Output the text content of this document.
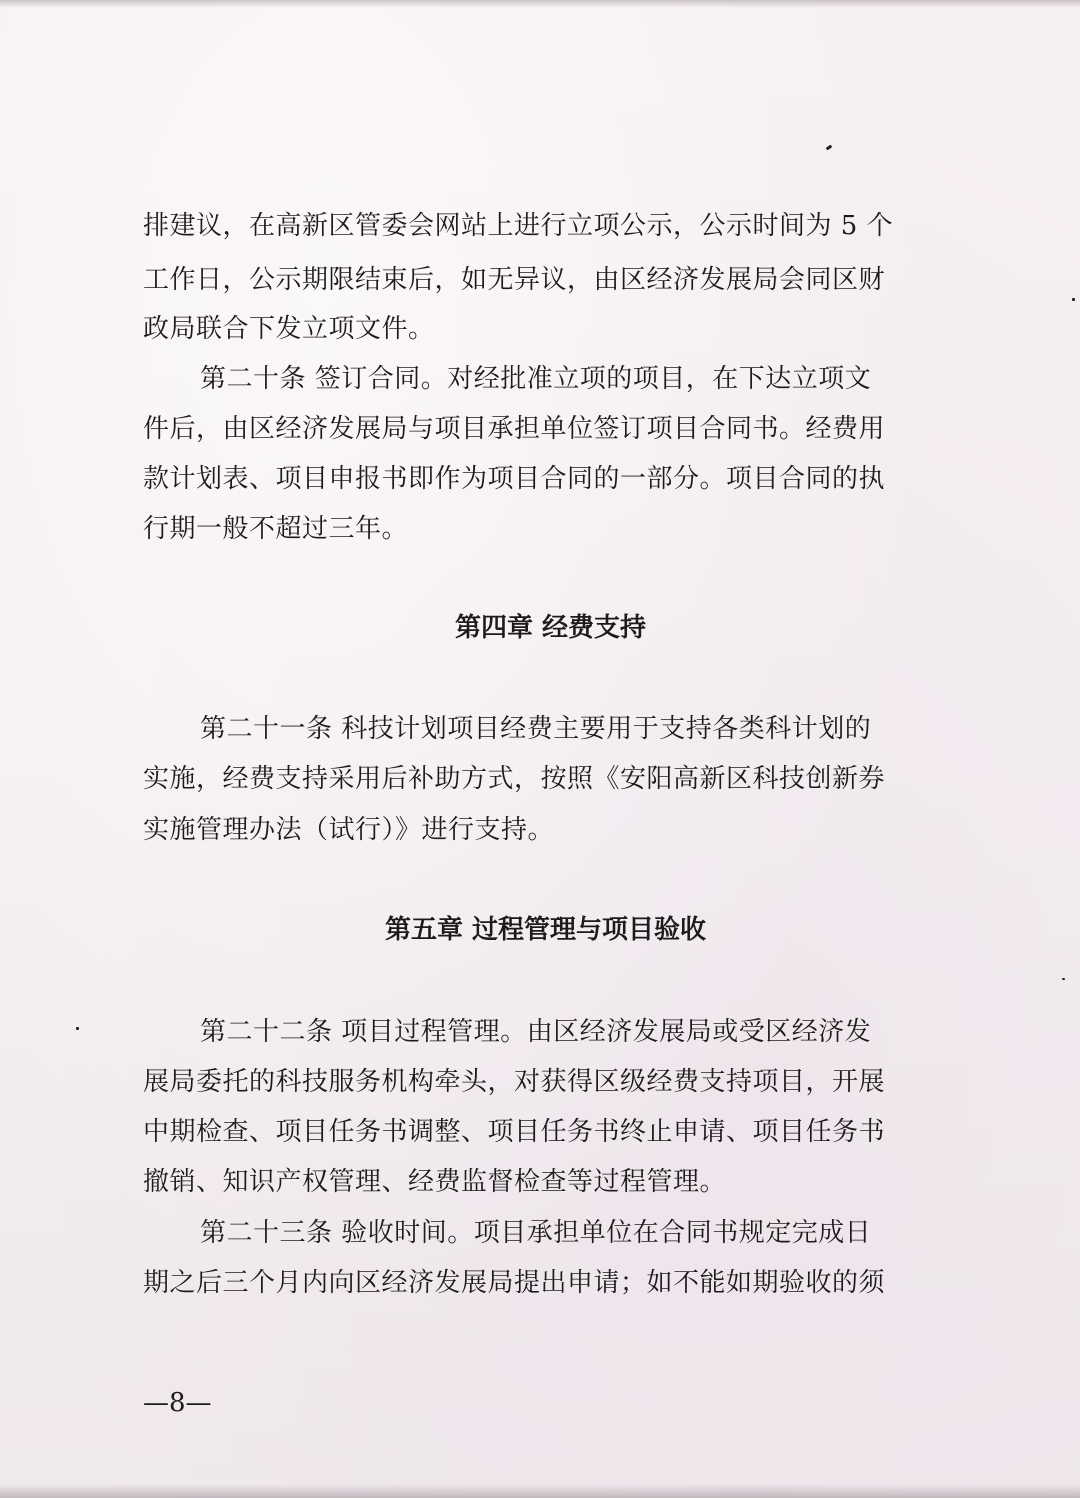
排建议，在高新区管委会网站上进行立项公示，公示时间为 5 个
工作日，公示期限结束后，如无异议，由区经济发展局会同区财
政局联合下发立项文件。
第二十条 签订合同。对经批准立项的项目，在下达立项文
件后，由区经济发展局与项目承担单位签订项目合同书。经费用
款计划表、项目申报书即作为项目合同的一部分。项目合同的执
行期一般不超过三年。
第四章 经费支持
第二十一条 科技计划项目经费主要用于支持各类科计划的
实施，经费支持采用后补助方式，按照《安阳高新区科技创新券
实施管理办法（试行）》进行支持。
第五章 过程管理与项目验收
第二十二条 项目过程管理。由区经济发展局或受区经济发
展局委托的科技服务机构牵头，对获得区级经费支持项目，开展
中期检查、项目任务书调整、项目任务书终止申请、项目任务书
撤销、知识产权管理、经费监督检查等过程管理。
第二十三条 验收时间。项目承担单位在合同书规定完成日
期之后三个月内向区经济发展局提出申请；如不能如期验收的须
—8—
